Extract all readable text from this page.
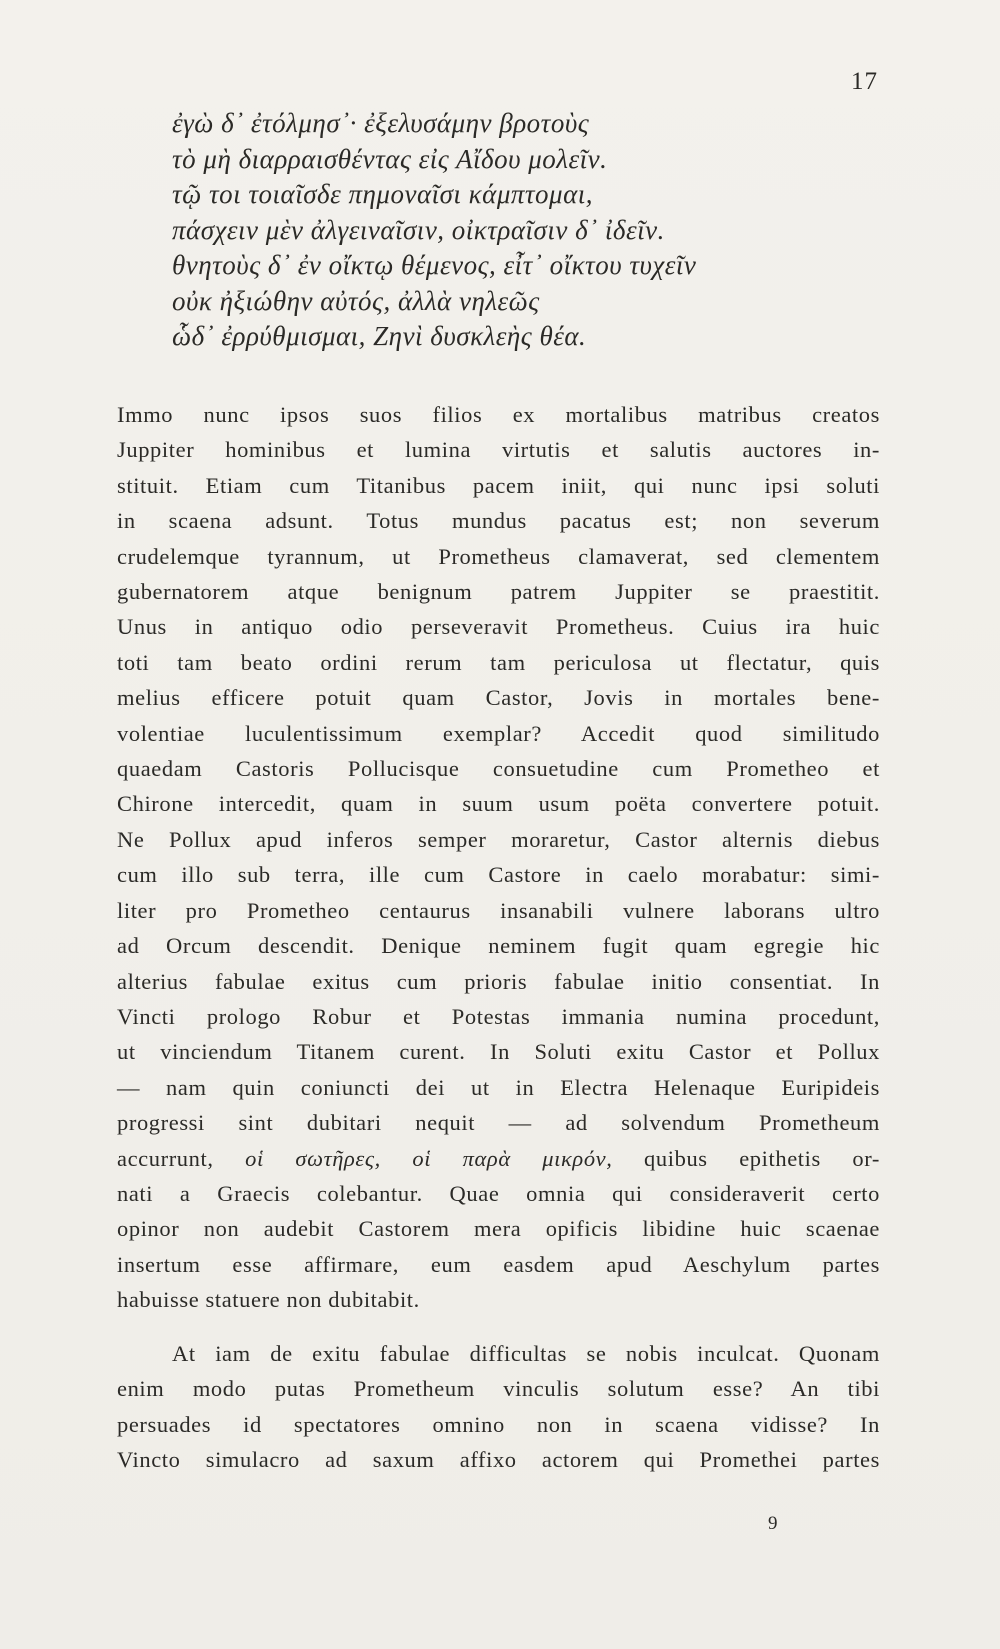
17
ἐγὼ δ᾽ ἐτόλμησ᾽· ἐξελυσάμην βροτοὺς
τὸ μὴ διαρραισθέντας εἰς Αἴδου μολεῖν.
τῷ τοι τοιαῖσδε πημοναῖσι κάμπτομαι,
πάσχειν μὲν ἀλγειναῖσιν, οἰκτραῖσιν δ᾽ ἰδεῖν.
θνητοὺς δ᾽ ἐν οἴκτῳ θέμενος, εἶτ᾽ οἴκτου τυχεῖν
οὐκ ἠξιώθην αὐτός, ἀλλὰ νηλεῶς
ὧδ᾽ ἐρρύθμισμαι, Ζηνὶ δυσκλεὴς θέα.
Immo nunc ipsos suos filios ex mortalibus matribus creatos
Juppiter hominibus et lumina virtutis et salutis auctores in-
stituit. Etiam cum Titanibus pacem iniit, qui nunc ipsi soluti
in scaena adsunt. Totus mundus pacatus est; non severum
crudelemque tyrannum, ut Prometheus clamaverat, sed clementem
gubernatorem atque benignum patrem Juppiter se praestitit.
Unus in antiquo odio perseveravit Prometheus. Cuius ira huic
toti tam beato ordini rerum tam periculosa ut flectatur, quis
melius efficere potuit quam Castor, Jovis in mortales bene-
volentiae luculentissimum exemplar? Accedit quod similitudo
quaedam Castoris Pollucisque consuetudine cum Prometheo et
Chirone intercedit, quam in suum usum poëta convertere potuit.
Ne Pollux apud inferos semper moraretur, Castor alternis diebus
cum illo sub terra, ille cum Castore in caelo morabatur: simi-
liter pro Prometheo centaurus insanabili vulnere laborans ultro
ad Orcum descendit. Denique neminem fugit quam egregie hic
alterius fabulae exitus cum prioris fabulae initio consentiat. In
Vincti prologo Robur et Potestas immania numina procedunt,
ut vinciendum Titanem curent. In Soluti exitu Castor et Pollux
— nam quin coniuncti dei ut in Electra Helenaque Euripideis
progressi sint dubitari nequit — ad solvendum Prometheum
accurrunt, οἱ σωτῆρες, οἱ παρὰ μικρόν, quibus epithetis or-
nati a Graecis colebantur. Quae omnia qui consideraverit certo
opinor non audebit Castorem mera opificis libidine huic scaenae
insertum esse affirmare, eum easdem apud Aeschylum partes
habuisse statuere non dubitabit.
At iam de exitu fabulae difficultas se nobis inculcat. Quonam
enim modo putas Prometheum vinculis solutum esse? An tibi
persuades id spectatores omnino non in scaena vidisse? In
Vincto simulacro ad saxum affixo actorem qui Promethei partes
9
